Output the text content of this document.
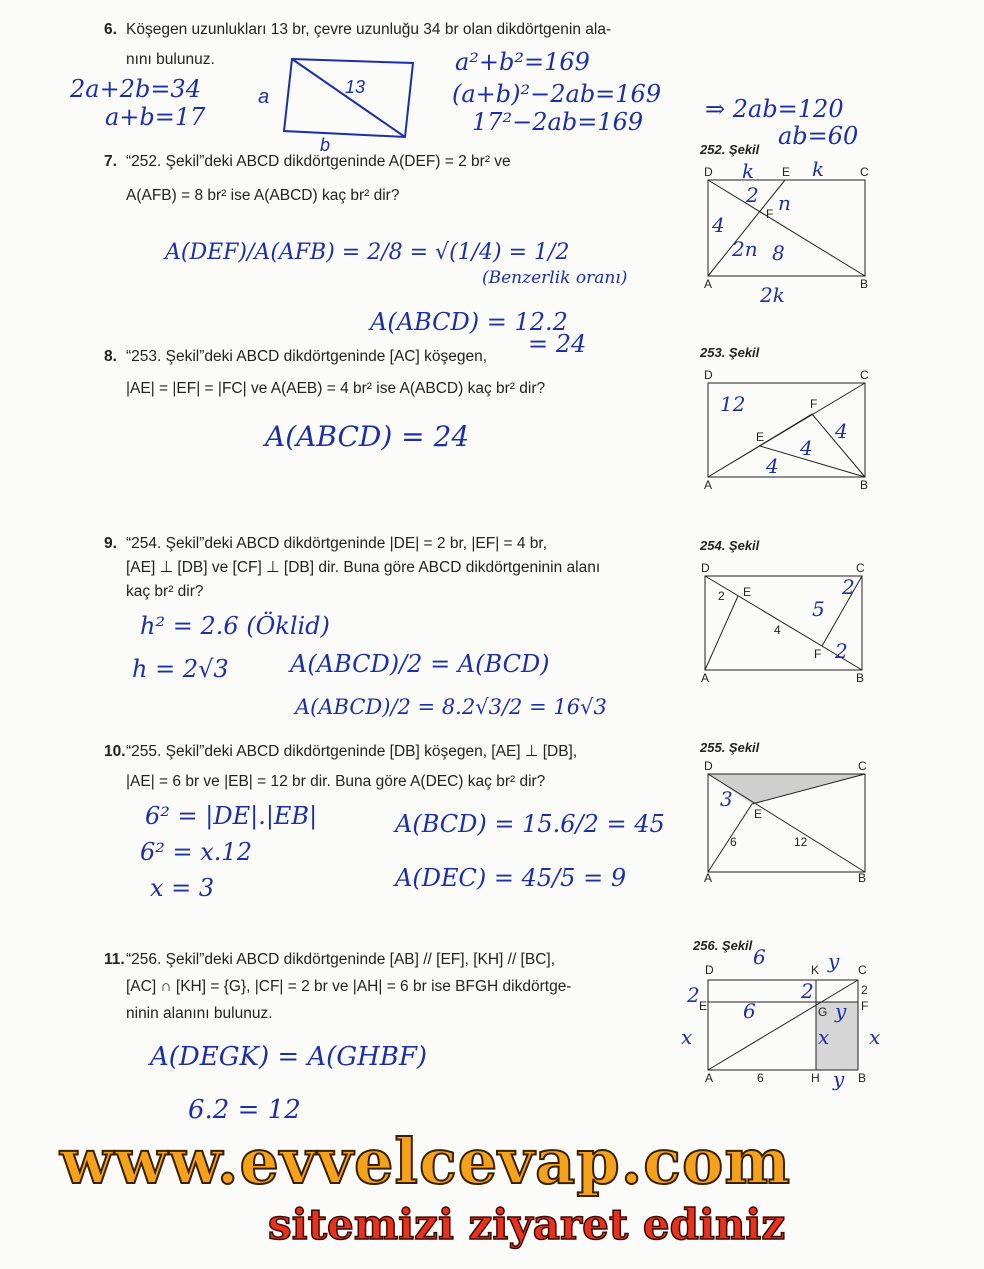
6. Köşegen uzunlukları 13 br, çevre uzunluğu 34 br olan dikdörtgenin ala-
nını bulunuz.
2a+2b=34
a+b=17
a	13
b
a²+b²=169
(a+b)²−2ab=169
17²−2ab=169	⇒ 2ab=120
ab=60
7. “252. Şekil”deki ABCD dikdörtgeninde A(DEF) = 2 br² ve
A(AFB) = 8 br² ise A(ABCD) kaç br² dir?
A(DEF)/A(AFB) = 2/8 = √(1/4) = 1/2
(Benzerlik oranı)
A(ABCD) = 12.2
= 24
8. “253. Şekil”deki ABCD dikdörtgeninde [AC] köşegen,
|AE| = |EF| = |FC| ve A(AEB) = 4 br² ise A(ABCD) kaç br² dir?
A(ABCD) = 24
9. “254. Şekil”deki ABCD dikdörtgeninde |DE| = 2 br, |EF| = 4 br,
[AE] ⊥ [DB] ve [CF] ⊥ [DB] dir. Buna göre ABCD dikdörtgeninin alanı
kaç br² dir?
h² = 2.6 (Öklid)
h = 2√3	A(ABCD)/2 = A(BCD)
A(ABCD)/2 = 8.2√3/2 = 16√3
10.“255. Şekil”deki ABCD dikdörtgeninde [DB] köşegen, [AE] ⊥ [DB],
|AE| = 6 br ve |EB| = 12 br dir. Buna göre A(DEC) kaç br² dir?
6² = |DE|.|EB|
6² = x.12
x = 3
A(BCD) = 15.6/2 = 45
A(DEC) = 45/5 = 9
11.“256. Şekil”deki ABCD dikdörtgeninde [AB] // [EF], [KH] // [BC],
[AC] ∩ [KH] = {G}, |CF| = 2 br ve |AH| = 6 br ise BFGH dikdörtge-
ninin alanını bulunuz.
A(DEGK) = A(GHBF)
6.2 = 12
252. Şekil
D	E	C
F
A	B
k	k
2 n
4
2n 8
2k
253. Şekil
D	C
F
E
A	B
12
4
4
4
254. Şekil
D	C
E
F
A	B
2
4
2
5
2
255. Şekil
D	C
E
A	B
6	12
3
256. Şekil
D	K	C
E	F
G
A	H	B
2
6
6	y
2	2
6	y
x	x x
y
www.evvelcevap.com
sitemizi ziyaret ediniz
